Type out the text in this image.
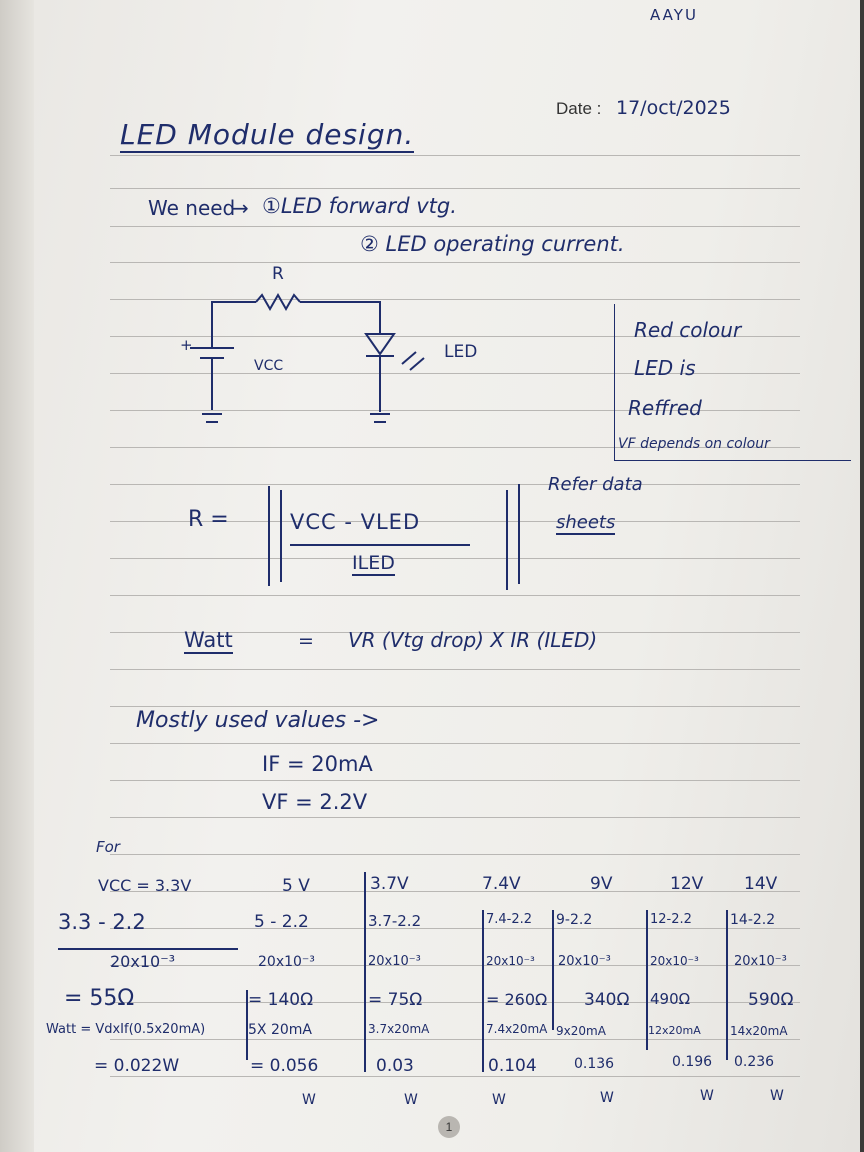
AAYU
Date : 17/oct/2025
LED Module design.
We need
→ ①LED forward vtg.
② LED operating current.
R
+
VCC
LED
Red colour
LED is
Reffred
VF depends on colour
Refer data
sheets
R =	VCC - VLED
ILED
Watt	= VR (Vtg drop) X IR (ILED)
Mostly used values ->
IF = 20mA
VF = 2.2V
For
VCC = 3.3V
3.3 - 2.2
20x10⁻³
= 55Ω
Watt = VdxIf(0.5x20mA)
= 0.022W
5 V
5 - 2.2
20x10⁻³
= 140Ω
5X 20mA
= 0.056
W
3.7V
3.7-2.2
20x10⁻³
= 75Ω
3.7x20mA
0.03
W
7.4V
7.4-2.2
20x10⁻³
= 260Ω
7.4x20mA
0.104
W
9V
9-2.2
20x10⁻³
340Ω
9x20mA
0.136
W
12V
12-2.2
20x10⁻³
490Ω
12x20mA
0.196
W
14V
14-2.2
20x10⁻³
590Ω
14x20mA
0.236
W
1
